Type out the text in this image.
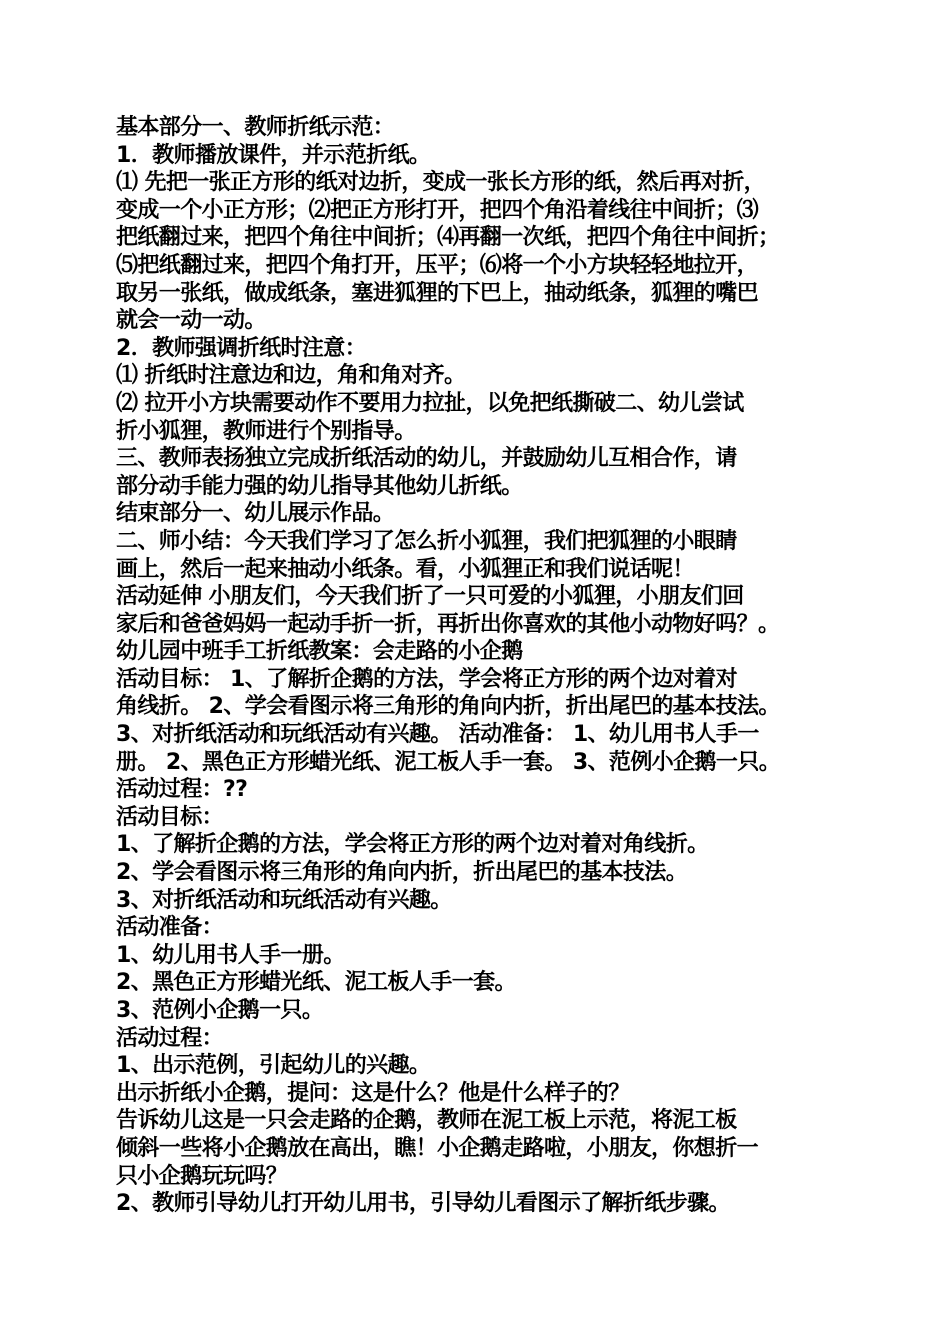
基本部分一、教师折纸示范：
1．教师播放课件，并示范折纸。
⑴ 先把一张正方形的纸对边折，变成一张长方形的纸，然后再对折，
变成一个小正方形；⑵把正方形打开，把四个角沿着线往中间折；⑶
把纸翻过来，把四个角往中间折；⑷再翻一次纸，把四个角往中间折；
⑸把纸翻过来，把四个角打开，压平；⑹将一个小方块轻轻地拉开，
取另一张纸，做成纸条，塞进狐狸的下巴上，抽动纸条，狐狸的嘴巴
就会一动一动。
2．教师强调折纸时注意：
⑴ 折纸时注意边和边，角和角对齐。
⑵ 拉开小方块需要动作不要用力拉扯，以免把纸撕破二、幼儿尝试
折小狐狸，教师进行个别指导。
三、教师表扬独立完成折纸活动的幼儿，并鼓励幼儿互相合作，请
部分动手能力强的幼儿指导其他幼儿折纸。
结束部分一、幼儿展示作品。
二、师小结：今天我们学习了怎么折小狐狸，我们把狐狸的小眼睛
画上，然后一起来抽动小纸条。看，小狐狸正和我们说话呢！
活动延伸 小朋友们，今天我们折了一只可爱的小狐狸，小朋友们回
家后和爸爸妈妈一起动手折一折，再折出你喜欢的其他小动物好吗？。
幼儿园中班手工折纸教案：会走路的小企鹅
活动目标： 1、了解折企鹅的方法，学会将正方形的两个边对着对
角线折。 2、学会看图示将三角形的角向内折，折出尾巴的基本技法。
3、对折纸活动和玩纸活动有兴趣。 活动准备： 1、幼儿用书人手一
册。 2、黑色正方形蜡光纸、泥工板人手一套。 3、范例小企鹅一只。
活动过程：??
活动目标：
1、了解折企鹅的方法，学会将正方形的两个边对着对角线折。
2、学会看图示将三角形的角向内折，折出尾巴的基本技法。
3、对折纸活动和玩纸活动有兴趣。
活动准备：
1、幼儿用书人手一册。
2、黑色正方形蜡光纸、泥工板人手一套。
3、范例小企鹅一只。
活动过程：
1、出示范例，引起幼儿的兴趣。
出示折纸小企鹅，提问：这是什么？他是什么样子的？
告诉幼儿这是一只会走路的企鹅，教师在泥工板上示范，将泥工板
倾斜一些将小企鹅放在高出，瞧！小企鹅走路啦，小朋友，你想折一
只小企鹅玩玩吗？
2、教师引导幼儿打开幼儿用书，引导幼儿看图示了解折纸步骤。
